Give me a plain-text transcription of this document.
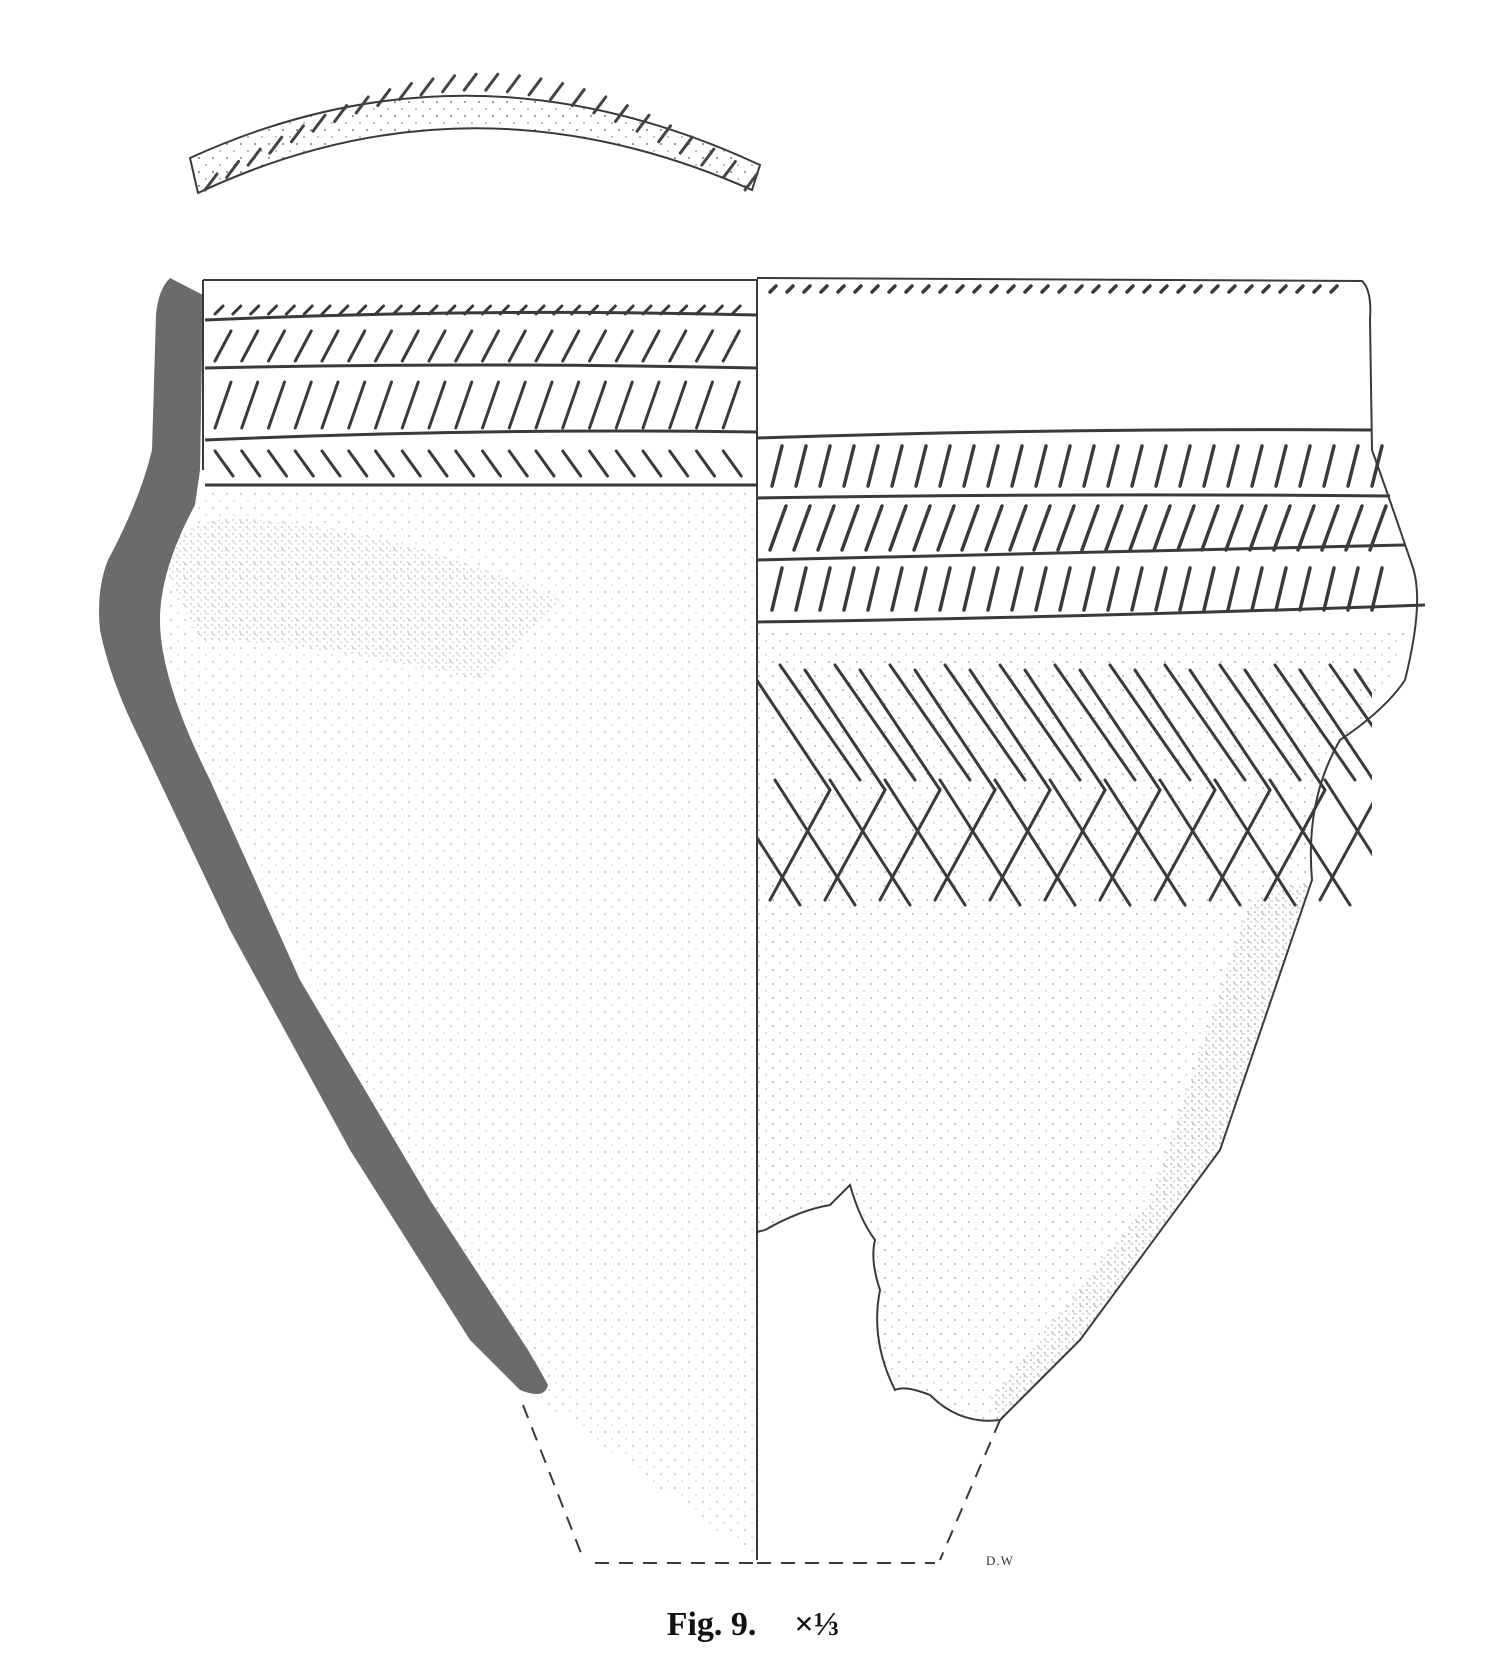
D.W
Fig. 9. ×⅓
